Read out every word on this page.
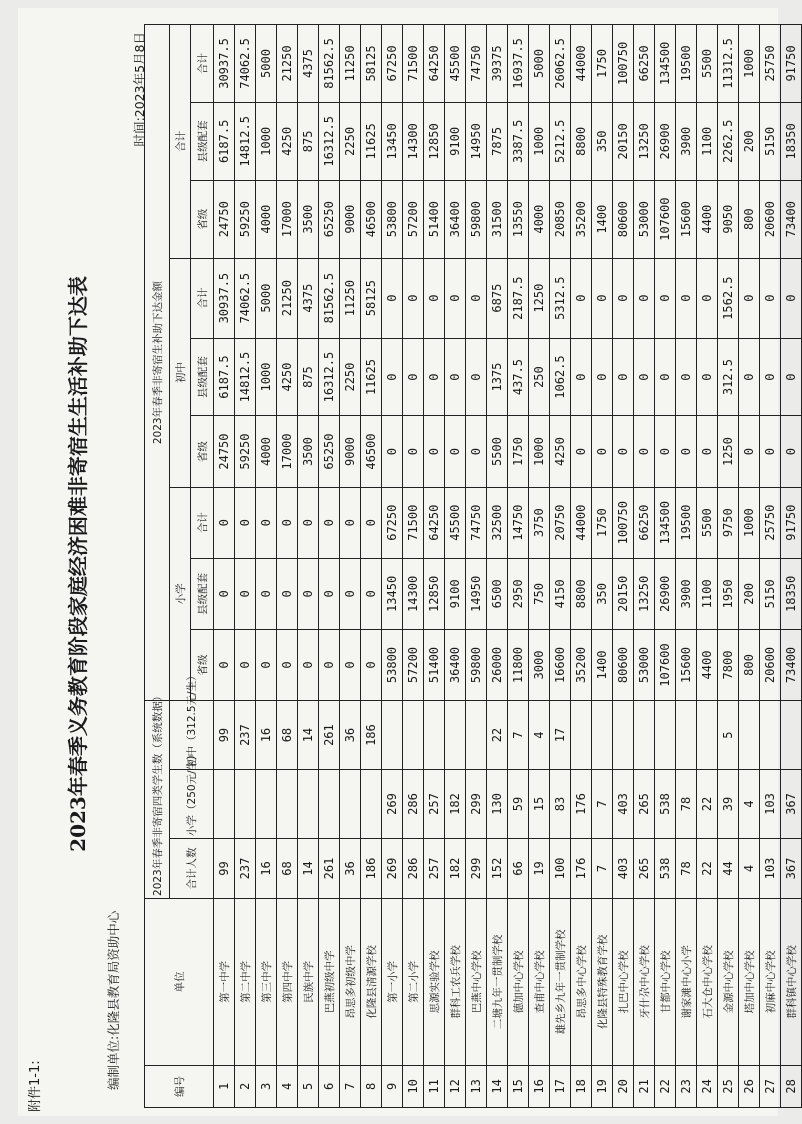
附件1-1:
2023年春季义务教育阶段家庭经济困难非寄宿生生活补助下达表
编制单位:化隆县教育局资助中心
时间:2023年5月8日
编号	单位	2023年春季非寄宿四类学生数（系统数据）			2023年春季非寄宿生补助下达金额								
		合计人数	小学（250元/生）	初中（312.5元/生）	小学			初中			合计		
					省级	县级配套	合计	省级	县级配套	合计	省级	县级配套	合计
1	第一中学	99		99	0	0	0	24750	6187.5	30937.5	24750	6187.5	30937.5
2	第二中学	237		237	0	0	0	59250	14812.5	74062.5	59250	14812.5	74062.5
3	第三中学	16		16	0	0	0	4000	1000	5000	4000	1000	5000
4	第四中学	68		68	0	0	0	17000	4250	21250	17000	4250	21250
5	民族中学	14		14	0	0	0	3500	875	4375	3500	875	4375
6	巴燕初级中学	261		261	0	0	0	65250	16312.5	81562.5	65250	16312.5	81562.5
7	昂思多初级中学	36		36	0	0	0	9000	2250	11250	9000	2250	11250
8	化隆县清源学校	186		186	0	0	0	46500	11625	58125	46500	11625	58125
9	第一小学	269	269		53800	13450	67250	0	0	0	53800	13450	67250
10	第二小学	286	286		57200	14300	71500	0	0	0	57200	14300	71500
11	思源实验学校	257	257		51400	12850	64250	0	0	0	51400	12850	64250
12	群科工农兵学校	182	182		36400	9100	45500	0	0	0	36400	9100	45500
13	巴燕中心学校	299	299		59800	14950	74750	0	0	0	59800	14950	74750
14	二塘九年一贯制学校	152	130	22	26000	6500	32500	5500	1375	6875	31500	7875	39375
15	德加中心学校	66	59	7	11800	2950	14750	1750	437.5	2187.5	13550	3387.5	16937.5
16	查甫中心学校	19	15	4	3000	750	3750	1000	250	1250	4000	1000	5000
17	雄先乡九年一贯制学校	100	83	17	16600	4150	20750	4250	1062.5	5312.5	20850	5212.5	26062.5
18	昂思多中心学校	176	176		35200	8800	44000	0	0	0	35200	8800	44000
19	化隆县特殊教育学校	7	7		1400	350	1750	0	0	0	1400	350	1750
20	扎巴中心学校	403	403		80600	20150	100750	0	0	0	80600	20150	100750
21	牙什尕中心学校	265	265		53000	13250	66250	0	0	0	53000	13250	66250
22	甘都中心学校	538	538		107600	26900	134500	0	0	0	107600	26900	134500
23	谢家滩中心小学	78	78		15600	3900	19500	0	0	0	15600	3900	19500
24	石大仓中心学校	22	22		4400	1100	5500	0	0	0	4400	1100	5500
25	金源中心学校	44	39	5	7800	1950	9750	1250	312.5	1562.5	9050	2262.5	11312.5
26	塔加中心学校	4	4		800	200	1000	0	0	0	800	200	1000
27	初麻中心学校	103	103		20600	5150	25750	0	0	0	20600	5150	25750
28	群科镇中心学校	367	367		73400	18350	91750	0	0	0	73400	18350	91750
